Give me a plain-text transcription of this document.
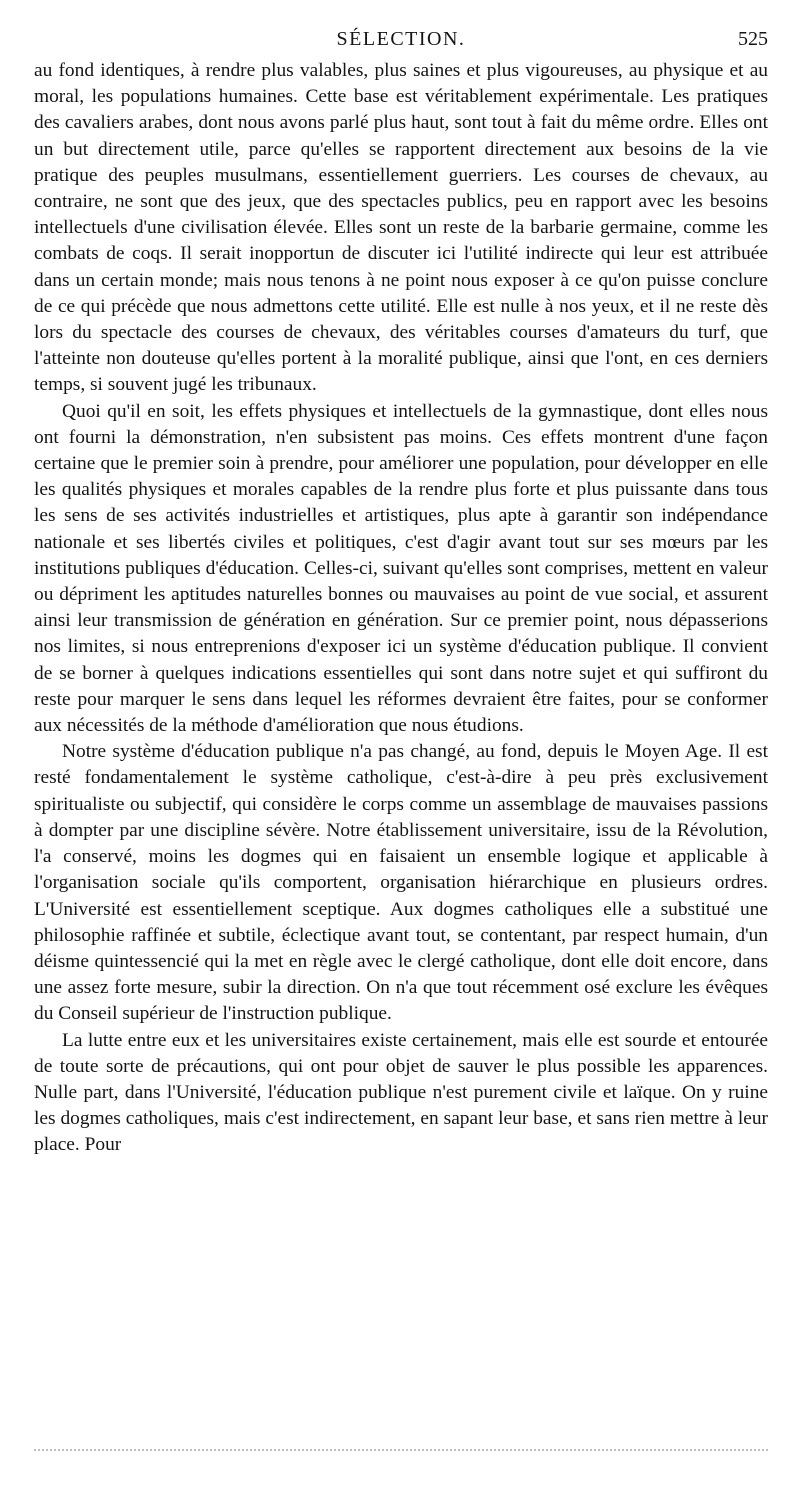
SÉLECTION.	525

au fond identiques, à rendre plus valables, plus saines et plus vigoureuses, au physique et au moral, les populations humaines. Cette base est véritablement expérimentale. Les pratiques des cavaliers arabes, dont nous avons parlé plus haut, sont tout à fait du même ordre. Elles ont un but directement utile, parce qu'elles se rapportent directement aux besoins de la vie pratique des peuples musulmans, essentiellement guerriers. Les courses de chevaux, au contraire, ne sont que des jeux, que des spectacles publics, peu en rapport avec les besoins intellectuels d'une civilisation élevée. Elles sont un reste de la barbarie germaine, comme les combats de coqs. Il serait inopportun de discuter ici l'utilité indirecte qui leur est attribuée dans un certain monde; mais nous tenons à ne point nous exposer à ce qu'on puisse conclure de ce qui précède que nous admettons cette utilité. Elle est nulle à nos yeux, et il ne reste dès lors du spectacle des courses de chevaux, des véritables courses d'amateurs du turf, que l'atteinte non douteuse qu'elles portent à la moralité publique, ainsi que l'ont, en ces derniers temps, si souvent jugé les tribunaux.

Quoi qu'il en soit, les effets physiques et intellectuels de la gymnastique, dont elles nous ont fourni la démonstration, n'en subsistent pas moins. Ces effets montrent d'une façon certaine que le premier soin à prendre, pour améliorer une population, pour développer en elle les qualités physiques et morales capables de la rendre plus forte et plus puissante dans tous les sens de ses activités industrielles et artistiques, plus apte à garantir son indépendance nationale et ses libertés civiles et politiques, c'est d'agir avant tout sur ses mœurs par les institutions publiques d'éducation. Celles-ci, suivant qu'elles sont comprises, mettent en valeur ou dépriment les aptitudes naturelles bonnes ou mauvaises au point de vue social, et assurent ainsi leur transmission de génération en génération. Sur ce premier point, nous dépasserions nos limites, si nous entreprenions d'exposer ici un système d'éducation publique. Il convient de se borner à quelques indications essentielles qui sont dans notre sujet et qui suffiront du reste pour marquer le sens dans lequel les réformes devraient être faites, pour se conformer aux nécessités de la méthode d'amélioration que nous étudions.

Notre système d'éducation publique n'a pas changé, au fond, depuis le Moyen Age. Il est resté fondamentalement le système catholique, c'est-à-dire à peu près exclusivement spiritualiste ou subjectif, qui considère le corps comme un assemblage de mauvaises passions à dompter par une discipline sévère. Notre établissement universitaire, issu de la Révolution, l'a conservé, moins les dogmes qui en faisaient un ensemble logique et applicable à l'organisation sociale qu'ils comportent, organisation hiérarchique en plusieurs ordres. L'Université est essentiellement sceptique. Aux dogmes catholiques elle a substitué une philosophie raffinée et subtile, éclectique avant tout, se contentant, par respect humain, d'un déisme quintessencié qui la met en règle avec le clergé catholique, dont elle doit encore, dans une assez forte mesure, subir la direction. On n'a que tout récemment osé exclure les évêques du Conseil supérieur de l'instruction publique.

La lutte entre eux et les universitaires existe certainement, mais elle est sourde et entourée de toute sorte de précautions, qui ont pour objet de sauver le plus possible les apparences. Nulle part, dans l'Université, l'éducation publique n'est purement civile et laïque. On y ruine les dogmes catholiques, mais c'est indirectement, en sapant leur base, et sans rien mettre à leur place. Pour
